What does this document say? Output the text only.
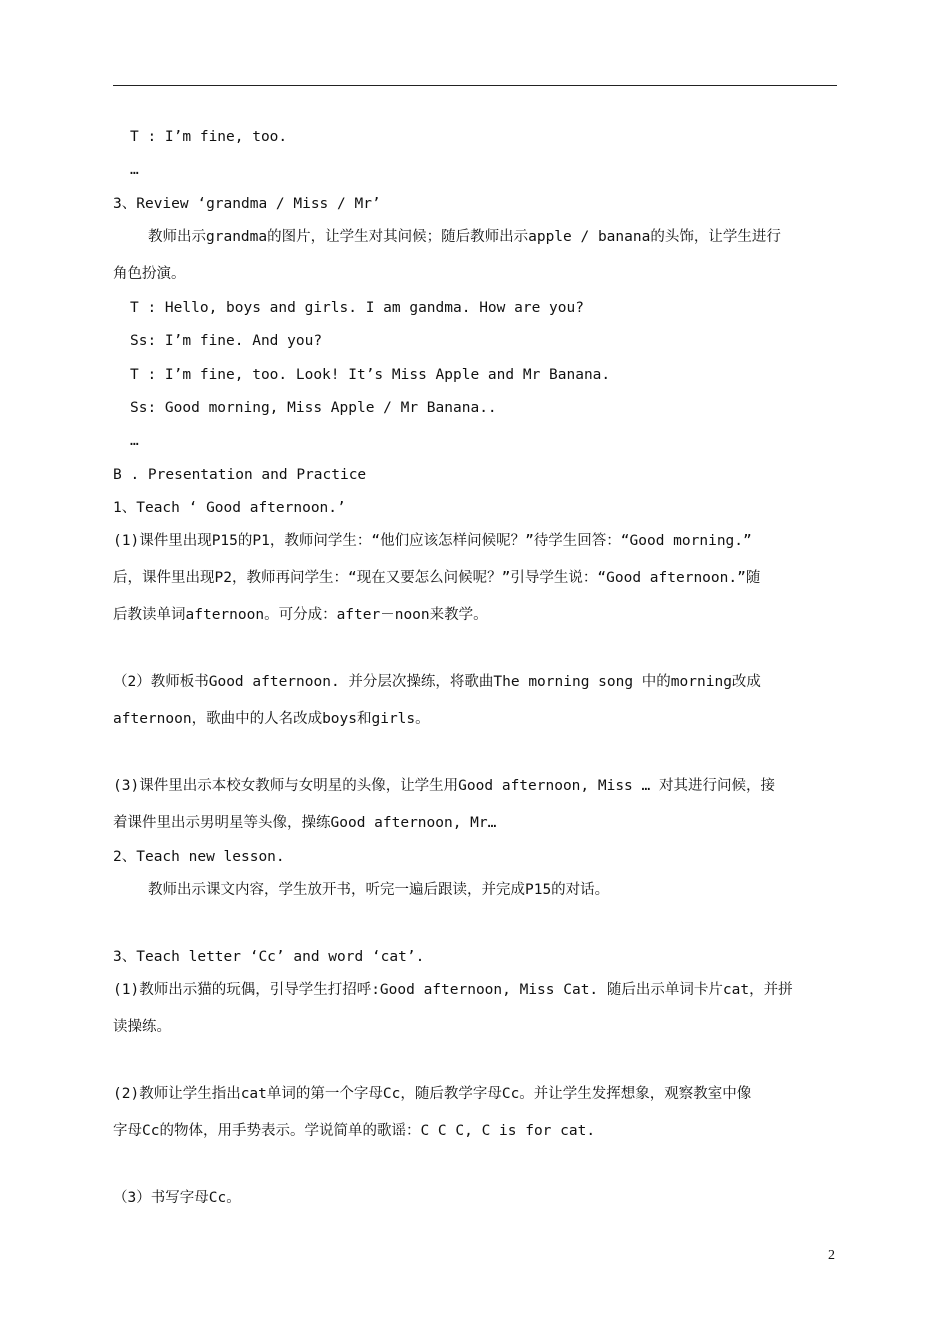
T : I’m fine, too.
…
3、Review ‘grandma / Miss / Mr’
教师出示grandma的图片，让学生对其问候；随后教师出示apple / banana的头饰，让学生进行
角色扮演。
T : Hello, boys and girls. I am gandma. How are you?
Ss: I’m fine. And you?
T : I’m fine, too. Look! It’s Miss Apple and Mr Banana.
Ss: Good morning, Miss Apple / Mr Banana..
…
B . Presentation and Practice
1、Teach ‘ Good afternoon.’
(1)课件里出现P15的P1，教师问学生：“他们应该怎样问候呢？”待学生回答：“Good morning.”
后，课件里出现P2，教师再问学生：“现在又要怎么问候呢？”引导学生说：“Good afternoon.”随
后教读单词afternoon。可分成：after－noon来教学。
（2）教师板书Good afternoon. 并分层次操练，将歌曲The morning song 中的morning改成
afternoon，歌曲中的人名改成boys和girls。
(3)课件里出示本校女教师与女明星的头像，让学生用Good afternoon, Miss … 对其进行问候，接
着课件里出示男明星等头像，操练Good afternoon, Mr…
2、Teach new lesson.
教师出示课文内容，学生放开书，听完一遍后跟读，并完成P15的对话。
3、Teach letter ‘Cc’ and word ‘cat’.
(1)教师出示猫的玩偶，引导学生打招呼:Good afternoon, Miss Cat. 随后出示单词卡片cat，并拼
读操练。
(2)教师让学生指出cat单词的第一个字母Cc，随后教学字母Cc。并让学生发挥想象，观察教室中像
字母Cc的物体，用手势表示。学说简单的歌谣：C C C, C is for cat.
（3）书写字母Cc。
2
